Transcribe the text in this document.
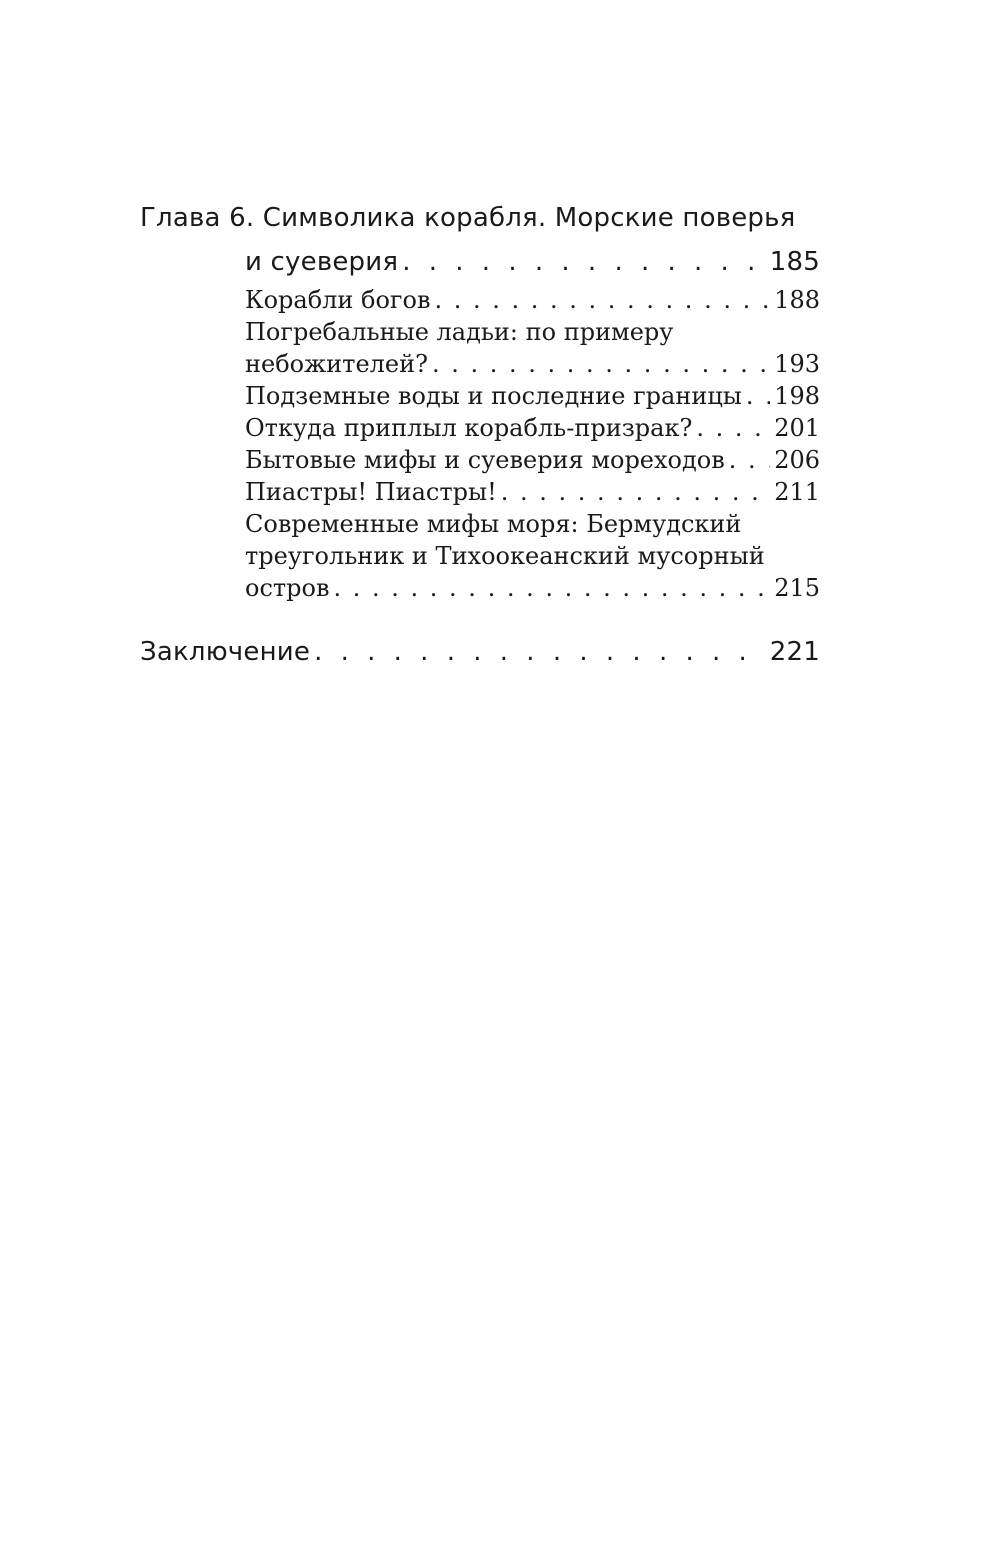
Глава 6. Символика корабля. Морские поверья
и суеверия . . .	185
Корабли богов . . .	188
Погребальные ладьи: по примеру
небожителей? . . .	193
Подземные воды и последние границы . . . 198
Откуда приплыл корабль-призрак? . . .	201
Бытовые мифы и суеверия мореходов . . . 206
Пиастры! Пиастры! . . .	211
Современные мифы моря: Бермудский
треугольник и Тихоокеанский мусорный
остров . . .	215
Заключение . . .	221
